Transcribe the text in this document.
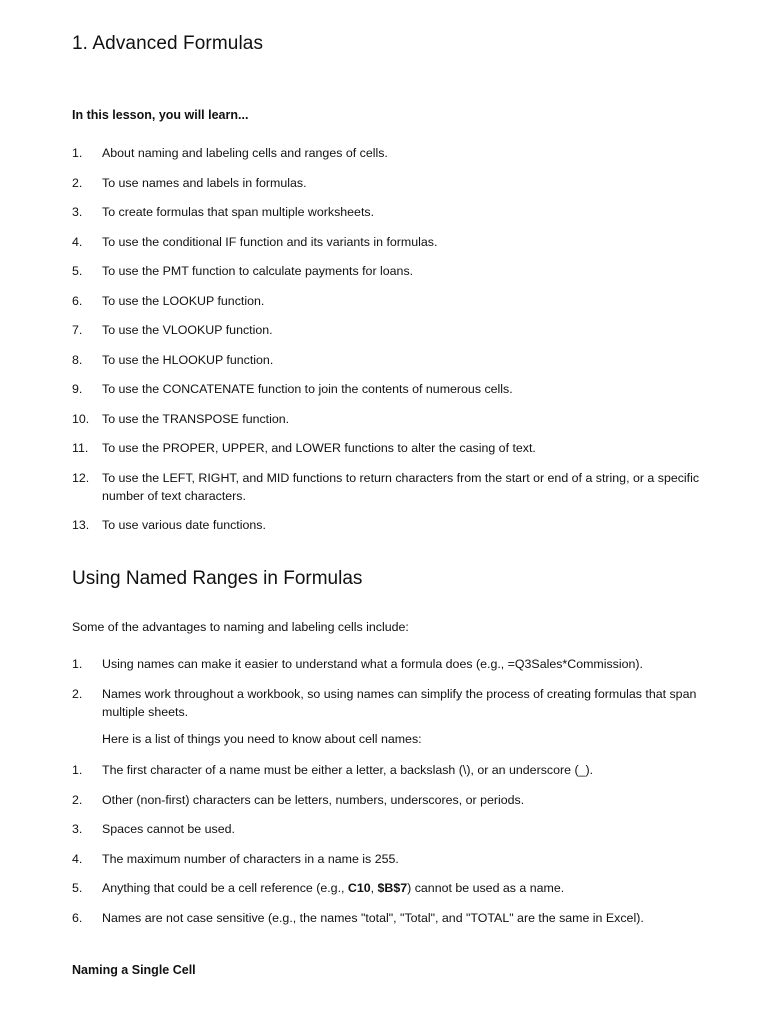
1. Advanced Formulas

In this lesson, you will learn...

1. About naming and labeling cells and ranges of cells.
2. To use names and labels in formulas.
3. To create formulas that span multiple worksheets.
4. To use the conditional IF function and its variants in formulas.
5. To use the PMT function to calculate payments for loans.
6. To use the LOOKUP function.
7. To use the VLOOKUP function.
8. To use the HLOOKUP function.
9. To use the CONCATENATE function to join the contents of numerous cells.
10. To use the TRANSPOSE function.
11. To use the PROPER, UPPER, and LOWER functions to alter the casing of text.
12. To use the LEFT, RIGHT, and MID functions to return characters from the start or end of a string, or a specific number of text characters.
13. To use various date functions.
Using Named Ranges in Formulas

Some of the advantages to naming and labeling cells include:

1. Using names can make it easier to understand what a formula does (e.g., =Q3Sales*Commission).
2. Names work throughout a workbook, so using names can simplify the process of creating formulas that span multiple sheets.

Here is a list of things you need to know about cell names:

1. The first character of a name must be either a letter, a backslash (\), or an underscore (_).
2. Other (non-first) characters can be letters, numbers, underscores, or periods.
3. Spaces cannot be used.
4. The maximum number of characters in a name is 255.
5. Anything that could be a cell reference (e.g., C10, $B$7) cannot be used as a name.
6. Names are not case sensitive (e.g., the names "total", "Total", and "TOTAL" are the same in Excel).

Naming a Single Cell
